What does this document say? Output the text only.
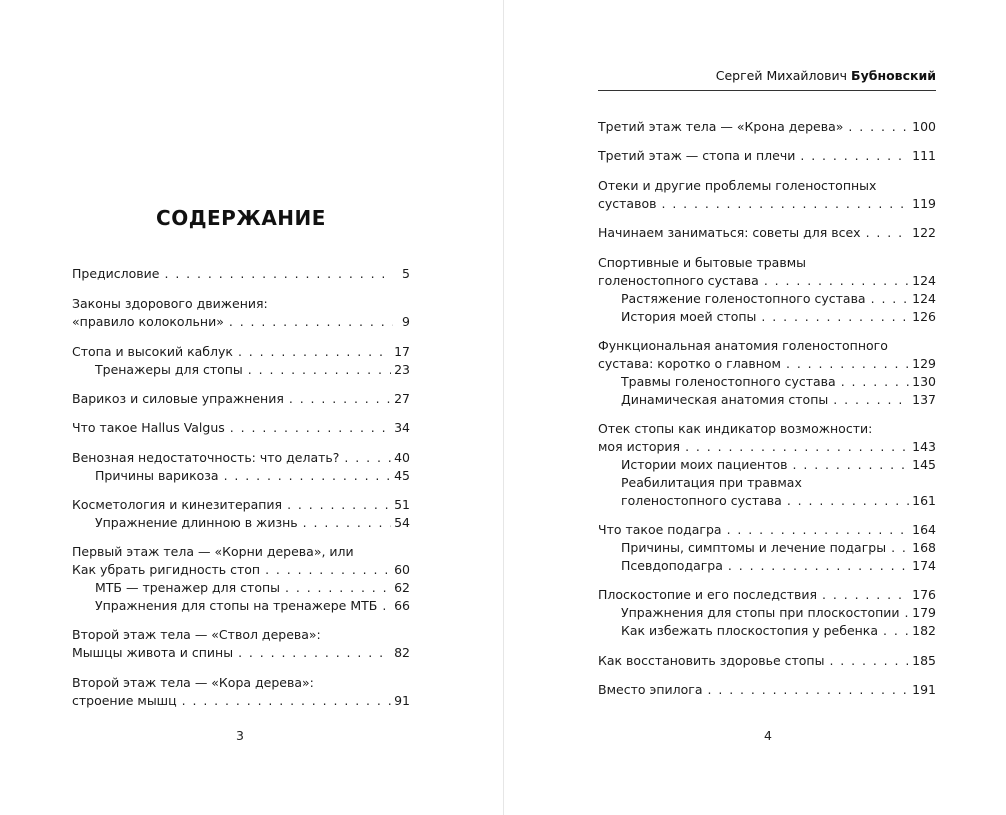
СОДЕРЖАНИЕ
Предисловие . . .	5
Законы здорового движения:
«правило колокольни» . . .	9
Стопа и высокий каблук . . .	17
Тренажеры для стопы . . .	23
Варикоз и силовые упражнения . . .	27
Что такое Hallus Valgus . . .	34
Венозная недостаточность: что делать? . . .	40
Причины варикоза . . .	45
Косметология и кинезитерапия . . .	51
Упражнение длинною в жизнь . . .	54
Первый этаж тела — «Корни дерева», или
Как убрать ригидность стоп . . .	60
МТБ — тренажер для стопы . . .	62
Упражнения для стопы на тренажере МТБ . . . 66
Второй этаж тела — «Ствол дерева»:
Мышцы живота и спины . . .	82
Второй этаж тела — «Кора дерева»:
строение мышц . . .	91
3
Сергей Михайлович Бубновский
Третий этаж тела — «Крона дерева» . . .	100
Третий этаж — стопа и плечи . . .	111
Отеки и другие проблемы голеностопных
суставов . . .	119
Начинаем заниматься: советы для всех . . .	122
Спортивные и бытовые травмы
голеностопного сустава . . .	124
Растяжение голеностопного сустава . . .	124
История моей стопы . . .	126
Функциональная анатомия голеностопного
сустава: коротко о главном . . .	129
Травмы голеностопного сустава . . .	130
Динамическая анатомия стопы . . .	137
Отек стопы как индикатор возможности:
моя история . . .	143
Истории моих пациентов . . .	145
Реабилитация при травмах
голеностопного сустава . . .	161
Что такое подагра . . .	164
Причины, симптомы и лечение подагры . . . 168
Псевдоподагра . . .	174
Плоскостопие и его последствия . . .	176
Упражнения для стопы при плоскостопии . . . 179
Как избежать плоскостопия у ребенка . . .	182
Как восстановить здоровье стопы . . .	185
Вместо эпилога . . .	191
4
